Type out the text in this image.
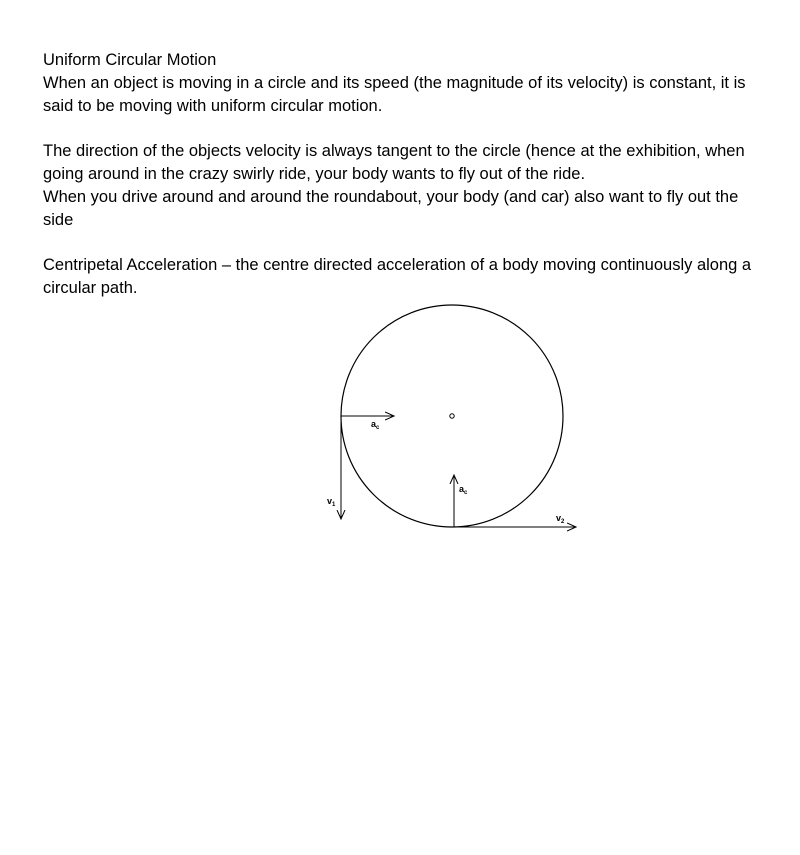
Uniform Circular Motion

When an object is moving in a circle and its speed (the magnitude of its velocity) is constant, it is said to be moving with uniform circular motion.

The direction of the objects velocity is always tangent to the circle (hence at the exhibition, when going around in the crazy swirly ride, your body wants to fly out of the ride.

When you drive around and around the roundabout, your body (and car) also want to fly out the side

Centripetal Acceleration – the centre directed acceleration of a body moving continuously along a circular path.

$a_c$
$v_1$
$a_c$
$v_2$
